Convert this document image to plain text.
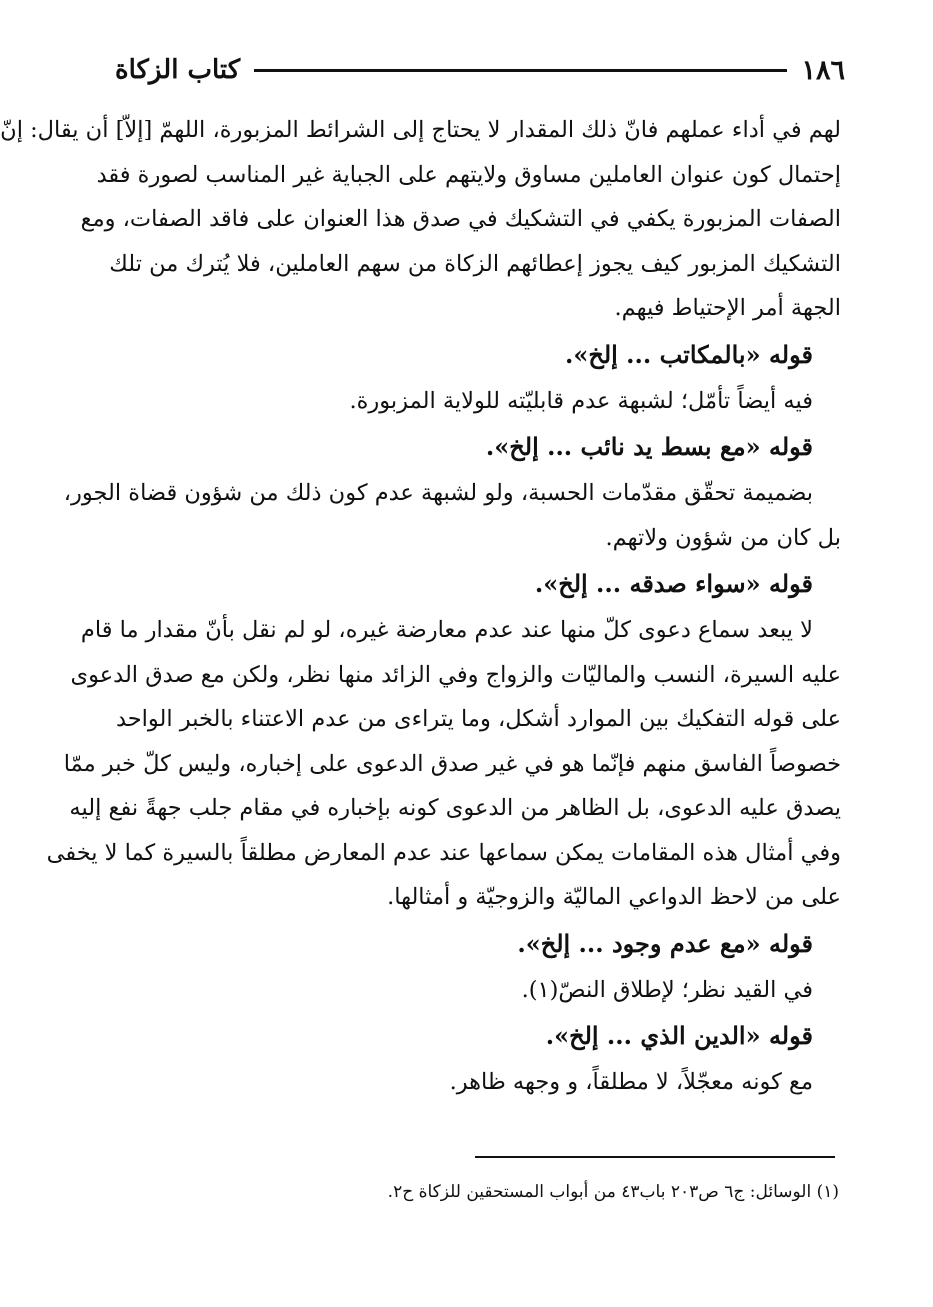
١٨٦
كتاب الزكاة

لهم في أداء عملهم فانّ ذلك المقدار لا يحتاج إلى الشرائط المزبورة، اللهمّ [إلاّ] أن يقال: إنّ
إحتمال كون عنوان العاملين مساوق ولايتهم على الجباية غير المناسب لصورة فقد
الصفات المزبورة يكفي في التشكيك في صدق هذا العنوان على فاقد الصفات، ومع
التشكيك المزبور كيف يجوز إعطائهم الزكاة من سهم العاملين، فلا يُترك من تلك
الجهة أمر الإحتياط فيهم.

قوله «بالمكاتب ... إلخ».

فيه أيضاً تأمّل؛ لشبهة عدم قابليّته للولاية المزبورة.

قوله «مع بسط يد نائب ... إلخ».

بضميمة تحقّق مقدّمات الحسبة، ولو لشبهة عدم كون ذلك من شؤون قضاة الجور،
بل كان من شؤون ولاتهم.

قوله «سواء صدقه ... إلخ».

لا يبعد سماع دعوى كلّ منها عند عدم معارضة غيره، لو لم نقل بأنّ مقدار ما قام
عليه السيرة، النسب والماليّات والزواج وفي الزائد منها نظر، ولكن مع صدق الدعوى
على قوله التفكيك بين الموارد أشكل، وما يتراءى من عدم الاعتناء بالخبر الواحد
خصوصاً الفاسق منهم فإنّما هو في غير صدق الدعوى على إخباره، وليس كلّ خبر ممّا
يصدق عليه الدعوى، بل الظاهر من الدعوى كونه بإخباره في مقام جلب جهةً نفع إليه
وفي أمثال هذه المقامات يمكن سماعها عند عدم المعارض مطلقاً بالسيرة كما لا يخفى
على من لاحظ الدواعي الماليّة والزوجيّة و أمثالها.

قوله «مع عدم وجود ... إلخ».

في القيد نظر؛ لإطلاق النصّ(١).

قوله «الدين الذي ... إلخ».

مع كونه معجّلاً، لا مطلقاً، و وجهه ظاهر.

(١) الوسائل: ج٦ ص٢٠٣ باب٤٣ من أبواب المستحقين للزكاة ح٢.
